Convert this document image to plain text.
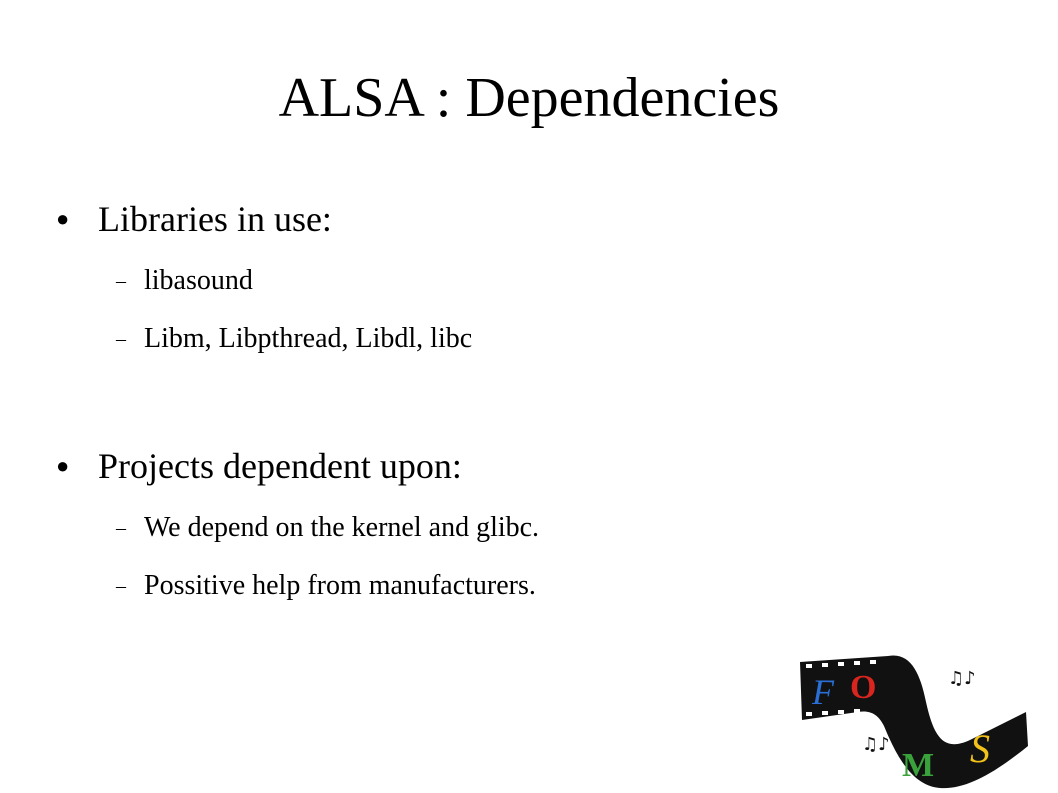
ALSA : Dependencies
● Libraries in use:
– libasound
– Libm, Libpthread, Libdl, libc
● Projects dependent upon:
– We depend on the kernel and glibc.
– Possitive help from manufacturers.
F O
M S
♫♪
♫♪
